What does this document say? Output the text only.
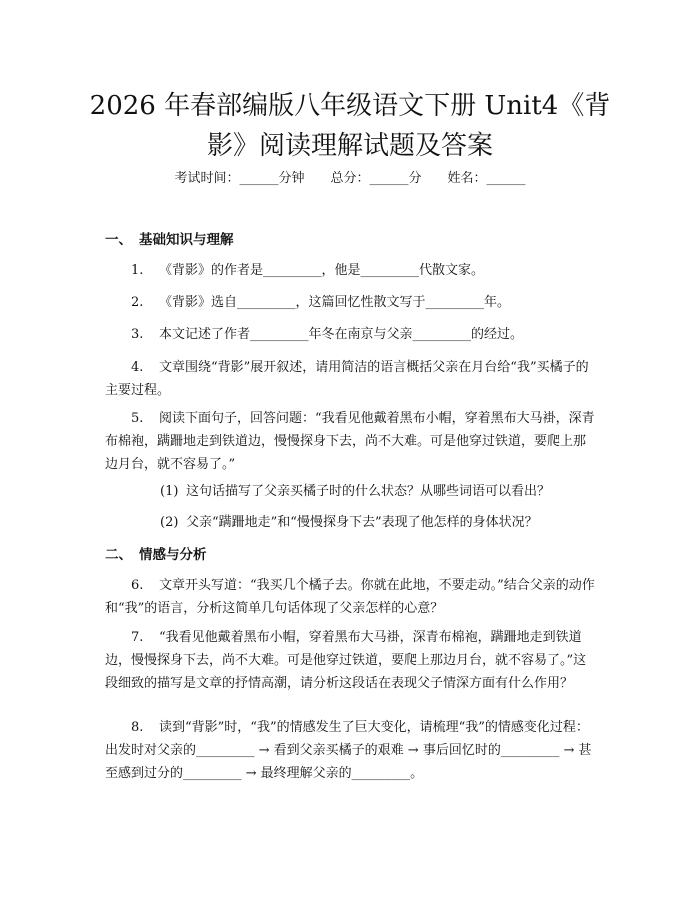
2026 年春部编版八年级语文下册 Unit4《背
影》阅读理解试题及答案
考试时间：______分钟 总分：______分 姓名：______
一、 基础知识与理解

1. 《背影》的作者是_________，他是_________代散文家。

2. 《背影》选自_________，这篇回忆性散文写于_________年。

3. 本文记述了作者_________年冬在南京与父亲_________的经过。

4. 文章围绕“背影”展开叙述，请用简洁的语言概括父亲在月台给“我”买橘子的主要过程。

5. 阅读下面句子，回答问题：“我看见他戴着黑布小帽，穿着黑布大马褂，深青布棉袍，蹒跚地走到铁道边，慢慢探身下去，尚不大难。可是他穿过铁道，要爬上那边月台，就不容易了。”

(1) 这句话描写了父亲买橘子时的什么状态？从哪些词语可以看出？
(2) 父亲“蹒跚地走”和“慢慢探身下去”表现了他怎样的身体状况？
二、 情感与分析

6. 文章开头写道：“我买几个橘子去。你就在此地，不要走动。”结合父亲的动作和“我”的语言，分析这简单几句话体现了父亲怎样的心意？

7. “我看见他戴着黑布小帽，穿着黑布大马褂，深青布棉袍，蹒跚地走到铁道边，慢慢探身下去，尚不大难。可是他穿过铁道，要爬上那边月台，就不容易了。”这段细致的描写是文章的抒情高潮，请分析这段话在表现父子情深方面有什么作用？

8. 读到“背影”时，“我”的情感发生了巨大变化，请梳理“我”的情感变化过程：出发时对父亲的_________ → 看到父亲买橘子的艰难 → 事后回忆时的_________ → 甚至感到过分的_________ → 最终理解父亲的_________。
